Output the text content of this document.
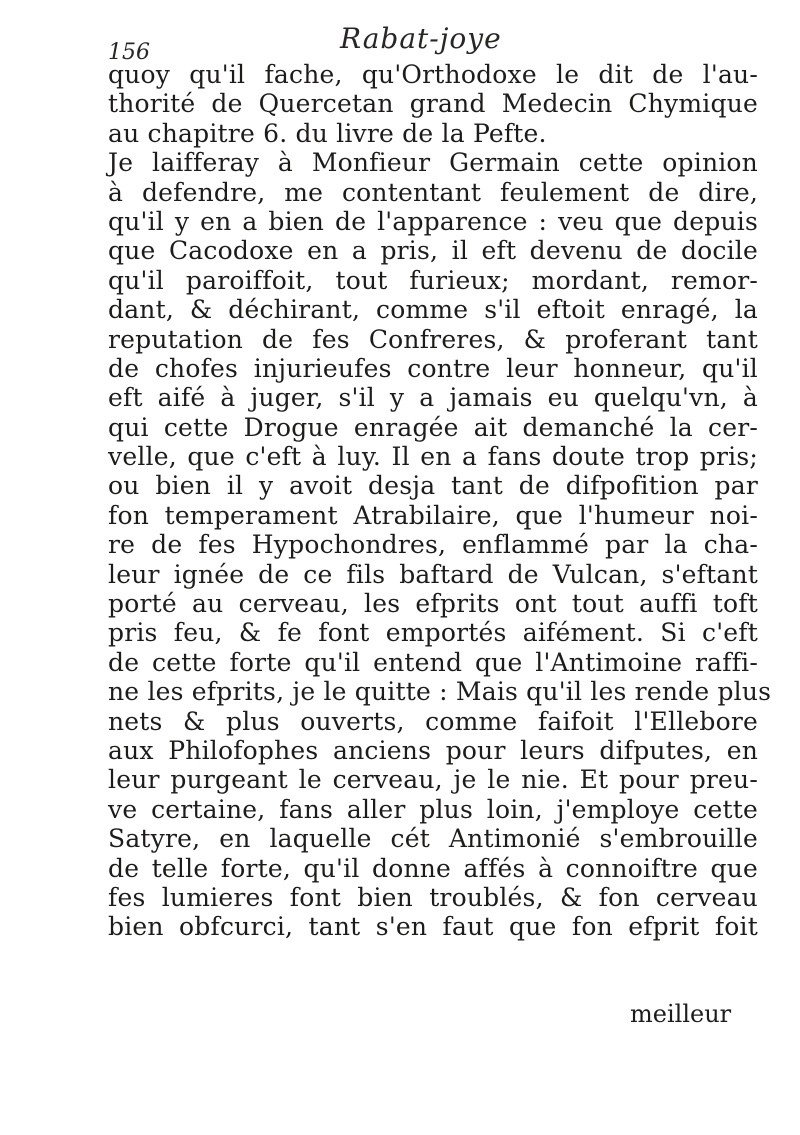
156	Rabat-joye
quoy qu'il fache, qu'Orthodoxe le dit de l'au-
thorité de Quercetan grand Medecin Chymique
au chapitre 6. du livre de la Pefte.
Je laifferay à Monfieur Germain cette opinion
à defendre, me contentant feulement de dire,
qu'il y en a bien de l'apparence : veu que depuis
que Cacodoxe en a pris, il eft devenu de docile
qu'il paroiffoit, tout furieux; mordant, remor-
dant, & déchirant, comme s'il eftoit enragé, la
reputation de fes Confreres, & proferant tant
de chofes injurieufes contre leur honneur, qu'il
eft aifé à juger, s'il y a jamais eu quelqu'vn, à
qui cette Drogue enragée ait demanché la cer-
velle, que c'eft à luy. Il en a fans doute trop pris;
ou bien il y avoit desja tant de difpofition par
fon temperament Atrabilaire, que l'humeur noi-
re de fes Hypochondres, enflammé par la cha-
leur ignée de ce fils baftard de Vulcan, s'eftant
porté au cerveau, les efprits ont tout auffi toft
pris feu, & fe font emportés aifément. Si c'eft
de cette forte qu'il entend que l'Antimoine raffi-
ne les efprits, je le quitte : Mais qu'il les rende plus
nets & plus ouverts, comme faifoit l'Ellebore
aux Philofophes anciens pour leurs difputes, en
leur purgeant le cerveau, je le nie. Et pour preu-
ve certaine, fans aller plus loin, j'employe cette
Satyre, en laquelle cét Antimonié s'embrouille
de telle forte, qu'il donne affés à connoiftre que
fes lumieres font bien troublés, & fon cerveau
bien obfcurci, tant s'en faut que fon efprit foit
meilleur
